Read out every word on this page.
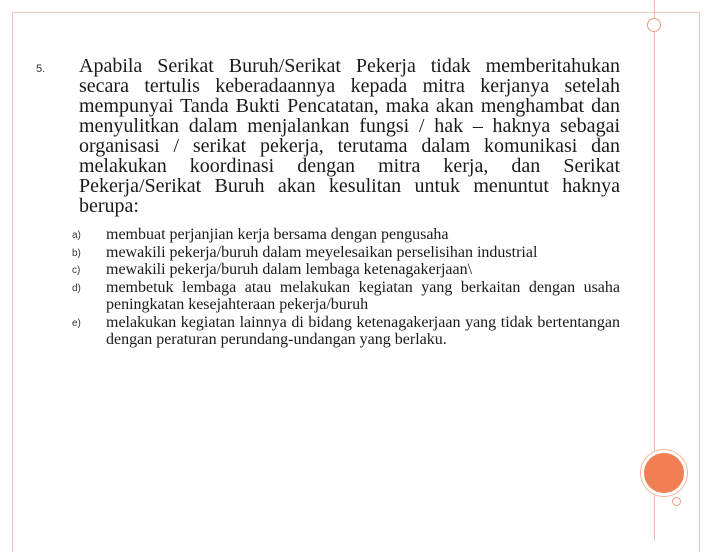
5.	Apabila Serikat Buruh/Serikat Pekerja tidak memberitahukan secara tertulis keberadaannya kepada mitra kerjanya setelah mempunyai Tanda Bukti Pencatatan, maka akan menghambat dan menyulitkan dalam menjalankan fungsi / hak – haknya sebagai organisasi / serikat pekerja, terutama dalam komunikasi dan melakukan koordinasi dengan mitra kerja, dan Serikat Pekerja/Serikat Buruh akan kesulitan untuk menuntut haknya berupa:

a)	membuat perjanjian kerja bersama dengan pengusaha
b)	mewakili pekerja/buruh dalam meyelesaikan perselisihan industrial
c)	mewakili pekerja/buruh dalam lembaga ketenagakerjaan\
d)	membetuk lembaga atau melakukan kegiatan yang berkaitan dengan usaha peningkatan kesejahteraan pekerja/buruh
e)	melakukan kegiatan lainnya di bidang ketenagakerjaan yang tidak bertentangan dengan peraturan perundang-undangan yang berlaku.
